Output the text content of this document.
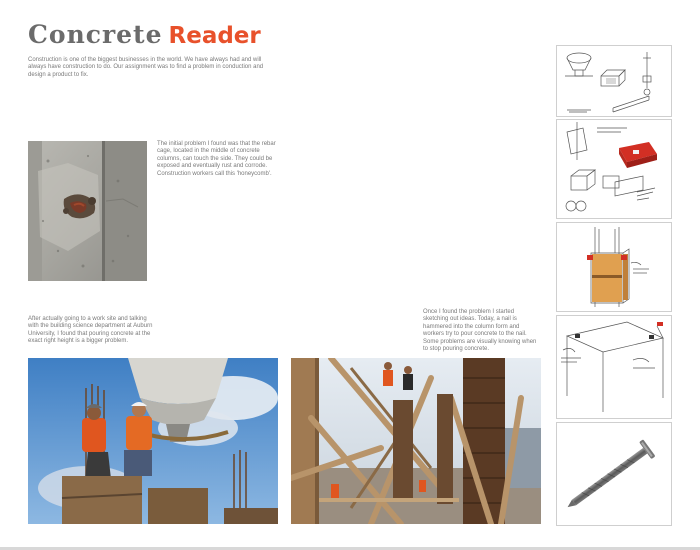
Concrete Reader
Construction is one of the biggest businesses in the world. We have always had and will always have construction to do. Our assignment was to find a problem in conduction and design a product to fix.
The initial problem I found was that the rebar cage, located in the middle of concrete columns, can touch the side. They could be exposed and eventually rust and corrode. Construction workers call this 'honeycomb'.
After actually going to a work site and talking with the building science department at Auburn University, I found that pouring concrete at the exact right height is a bigger problem.
Once I found the problem I started sketching out ideas. Today, a nail is hammered into the column form and workers try to pour concrete to the nail. Some problems are visually knowing when to stop pouring concrete.
